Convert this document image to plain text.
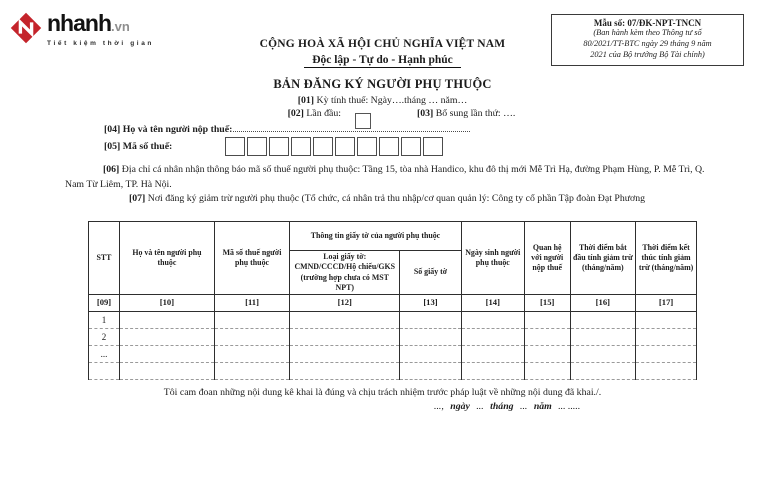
nhanh.vn
Tiết kiệm thời gian
Mẫu số: 07/ĐK-NPT-TNCN
(Ban hành kèm theo Thông tư số
80/2021/TT-BTC ngày 29 tháng 9 năm
2021 của Bộ trưởng Bộ Tài chính)
CỘNG HOÀ XÃ HỘI CHỦ NGHĨA VIỆT NAM
Độc lập - Tự do - Hạnh phúc
BẢN ĐĂNG KÝ NGƯỜI PHỤ THUỘC
[01] Kỳ tính thuế: Ngày….tháng … năm…
[02] Lần đầu:	[03] Bổ sung lần thứ: ….
[04] Họ và tên người nộp thuế:
[05] Mã số thuế:
[06] Địa chỉ cá nhân nhận thông báo mã số thuế người phụ thuộc: Tầng 15, tòa nhà Handico, khu đô thị mới Mễ Trì Hạ, đường Phạm Hùng, P. Mễ Trì, Q. Nam Từ Liêm, TP. Hà Nội.
[07] Nơi đăng ký giảm trừ người phụ thuộc (Tổ chức, cá nhân trả thu nhập/cơ quan quản lý: Công ty cổ phần Tập đoàn Đạt Phương
STT	Họ và tên người phụ thuộc	Mã số thuế người phụ thuộc	Thông tin giấy tờ của người phụ thuộc		Ngày sinh người phụ thuộc	Quan hệ với người nộp thuế	Thời điểm bắt đầu tính giảm trừ (tháng/năm)	Thời điểm kết thúc tính giảm trừ (tháng/năm)
			Loại giấy tờ: CMND/CCCD/Hộ chiếu/GKS (trường hợp chưa có MST NPT)	Số giấy tờ				
[09]	[10]	[11]	[12]	[13]	[14]	[15]	[16]	[17]
1								
2								
...								

Tôi cam đoan những nội dung kê khai là đúng và chịu trách nhiệm trước pháp luật về những nội dung đã khai./.
..., ngày ... tháng ... năm ... .....
